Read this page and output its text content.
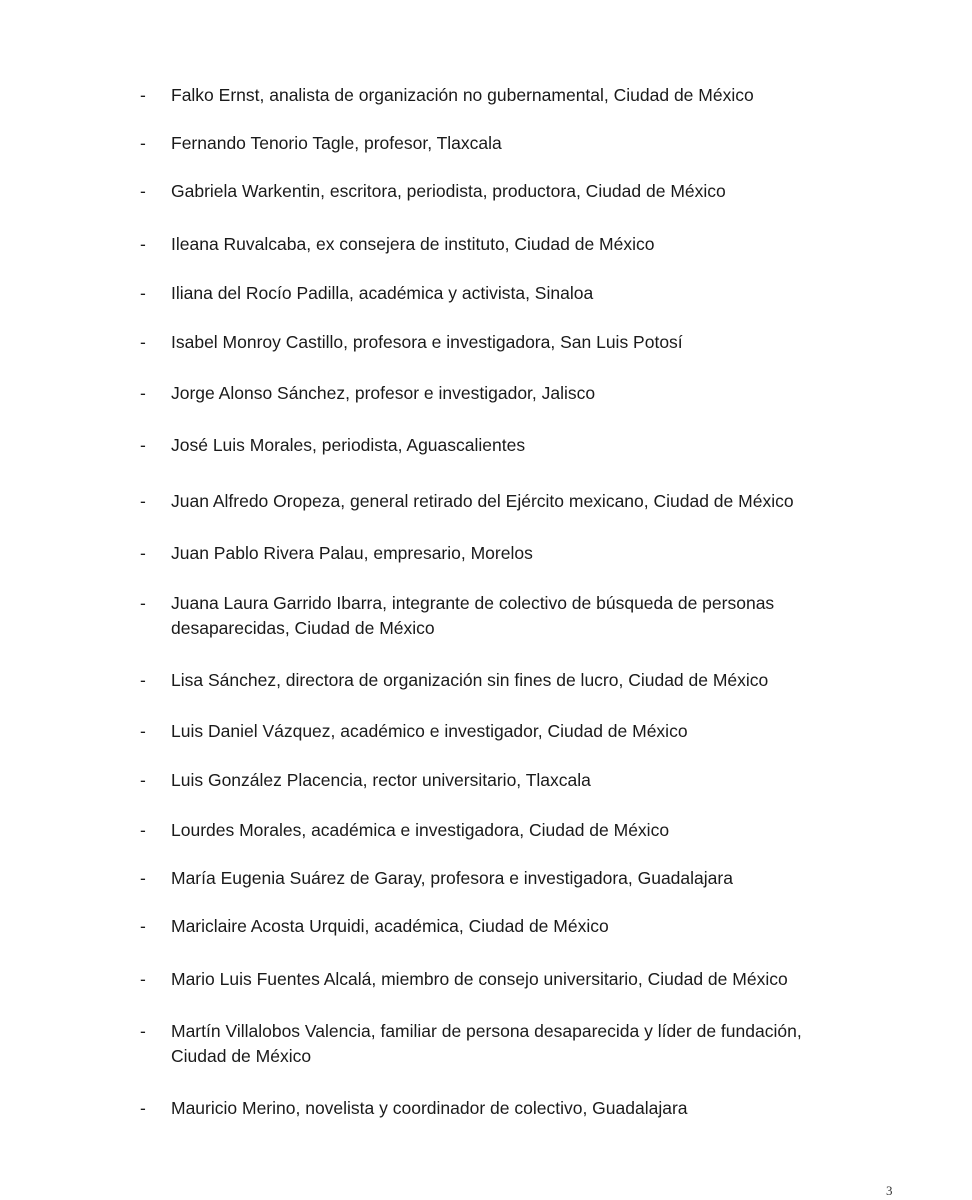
-	Falko Ernst, analista de organización no gubernamental, Ciudad de México
-	Fernando Tenorio Tagle, profesor, Tlaxcala
-	Gabriela Warkentin, escritora, periodista, productora, Ciudad de México
-	Ileana Ruvalcaba, ex consejera de instituto, Ciudad de México
-	Iliana del Rocío Padilla, académica y activista, Sinaloa
-	Isabel Monroy Castillo, profesora e investigadora, San Luis Potosí
-	Jorge Alonso Sánchez, profesor e investigador, Jalisco
-	José Luis Morales, periodista, Aguascalientes
-	Juan Alfredo Oropeza, general retirado del Ejército mexicano, Ciudad de México
-	Juan Pablo Rivera Palau, empresario, Morelos
-	Juana Laura Garrido Ibarra, integrante de colectivo de búsqueda de personas desaparecidas, Ciudad de México
-	Lisa Sánchez, directora de organización sin fines de lucro, Ciudad de México
-	Luis Daniel Vázquez, académico e investigador, Ciudad de México
-	Luis González Placencia, rector universitario, Tlaxcala
-	Lourdes Morales, académica e investigadora, Ciudad de México
-	María Eugenia Suárez de Garay, profesora e investigadora, Guadalajara
-	Mariclaire Acosta Urquidi, académica, Ciudad de México
-	Mario Luis Fuentes Alcalá, miembro de consejo universitario, Ciudad de México
-	Martín Villalobos Valencia, familiar de persona desaparecida y líder de fundación, Ciudad de México
-	Mauricio Merino, novelista y coordinador de colectivo, Guadalajara
3
